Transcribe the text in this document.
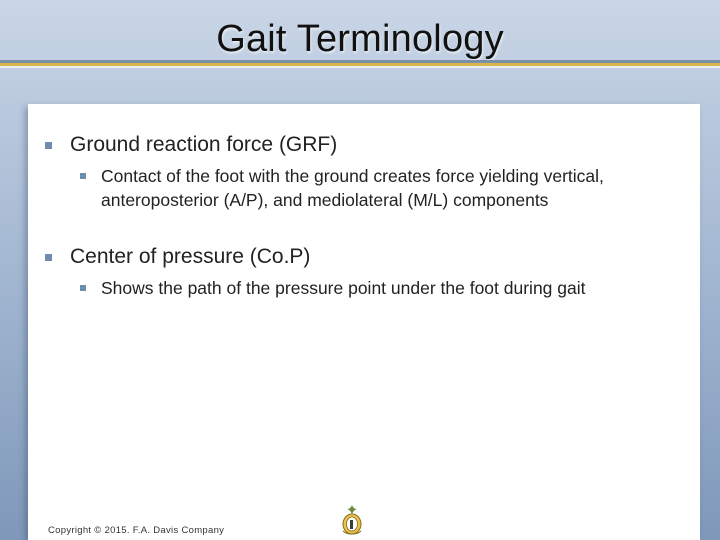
Gait Terminology
Ground reaction force (GRF)
Contact of the foot with the ground creates force yielding vertical, anteroposterior (A/P), and mediolateral (M/L) components
Center of pressure (Co.P)
Shows the path of the pressure point under the foot during gait
Copyright © 2015. F.A. Davis Company
